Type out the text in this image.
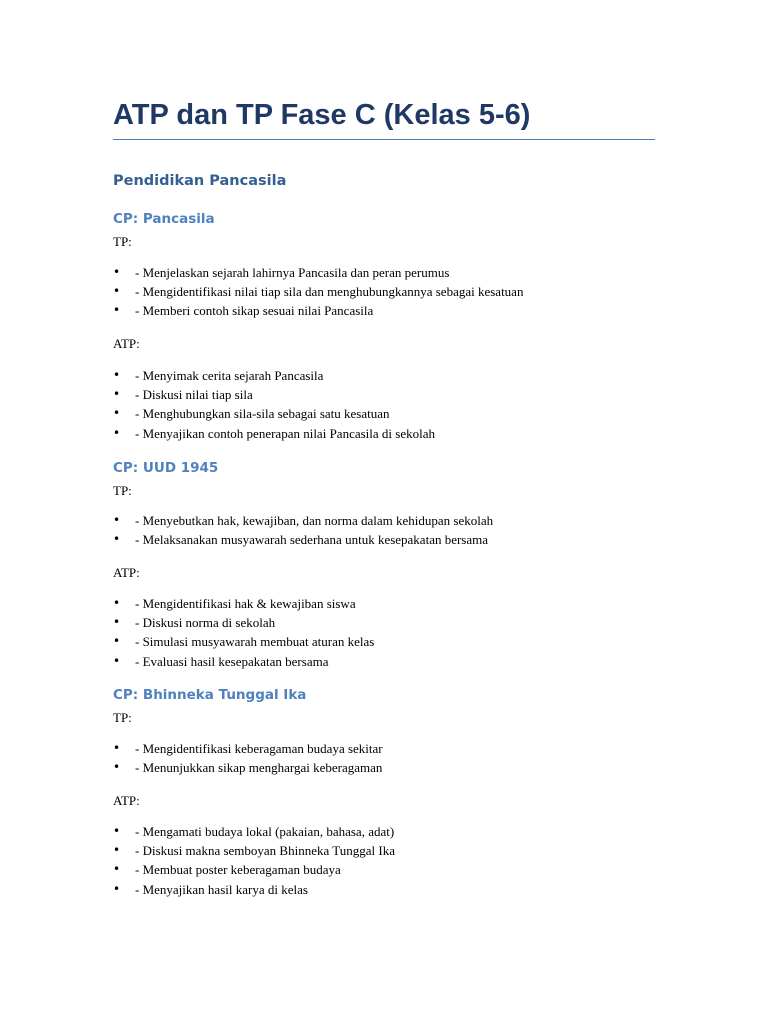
ATP dan TP Fase C (Kelas 5-6)
Pendidikan Pancasila
CP: Pancasila
TP:
• - Menjelaskan sejarah lahirnya Pancasila dan peran perumus
• - Mengidentifikasi nilai tiap sila dan menghubungkannya sebagai kesatuan
• - Memberi contoh sikap sesuai nilai Pancasila
ATP:
• - Menyimak cerita sejarah Pancasila
• - Diskusi nilai tiap sila
• - Menghubungkan sila-sila sebagai satu kesatuan
• - Menyajikan contoh penerapan nilai Pancasila di sekolah
CP: UUD 1945
TP:
• - Menyebutkan hak, kewajiban, dan norma dalam kehidupan sekolah
• - Melaksanakan musyawarah sederhana untuk kesepakatan bersama
ATP:
• - Mengidentifikasi hak & kewajiban siswa
• - Diskusi norma di sekolah
• - Simulasi musyawarah membuat aturan kelas
• - Evaluasi hasil kesepakatan bersama
CP: Bhinneka Tunggal Ika
TP:
• - Mengidentifikasi keberagaman budaya sekitar
• - Menunjukkan sikap menghargai keberagaman
ATP:
• - Mengamati budaya lokal (pakaian, bahasa, adat)
• - Diskusi makna semboyan Bhinneka Tunggal Ika
• - Membuat poster keberagaman budaya
• - Menyajikan hasil karya di kelas
